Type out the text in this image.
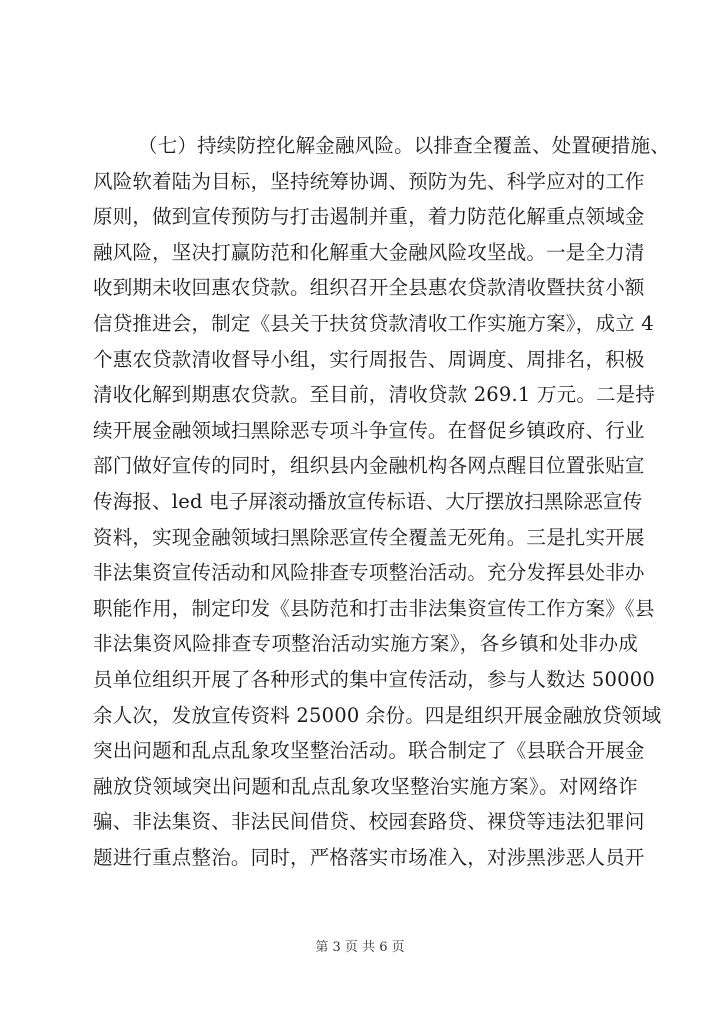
（七）持续防控化解金融风险。以排查全覆盖、处置硬措施、
风险软着陆为目标，坚持统筹协调、预防为先、科学应对的工作
原则，做到宣传预防与打击遏制并重，着力防范化解重点领域金
融风险，坚决打赢防范和化解重大金融风险攻坚战。一是全力清
收到期未收回惠农贷款。组织召开全县惠农贷款清收暨扶贫小额
信贷推进会，制定《县关于扶贫贷款清收工作实施方案》，成立 4
个惠农贷款清收督导小组，实行周报告、周调度、周排名，积极
清收化解到期惠农贷款。至目前，清收贷款 269.1 万元。二是持
续开展金融领域扫黑除恶专项斗争宣传。在督促乡镇政府、行业
部门做好宣传的同时，组织县内金融机构各网点醒目位置张贴宣
传海报、led 电子屏滚动播放宣传标语、大厅摆放扫黑除恶宣传
资料，实现金融领域扫黑除恶宣传全覆盖无死角。三是扎实开展
非法集资宣传活动和风险排查专项整治活动。充分发挥县处非办
职能作用，制定印发《县防范和打击非法集资宣传工作方案》《县
非法集资风险排查专项整治活动实施方案》，各乡镇和处非办成
员单位组织开展了各种形式的集中宣传活动，参与人数达 50000
余人次，发放宣传资料 25000 余份。四是组织开展金融放贷领域
突出问题和乱点乱象攻坚整治活动。联合制定了《县联合开展金
融放贷领域突出问题和乱点乱象攻坚整治实施方案》。对网络诈
骗、非法集资、非法民间借贷、校园套路贷、裸贷等违法犯罪问
题进行重点整治。同时，严格落实市场准入，对涉黑涉恶人员开
第 3 页 共 6 页
